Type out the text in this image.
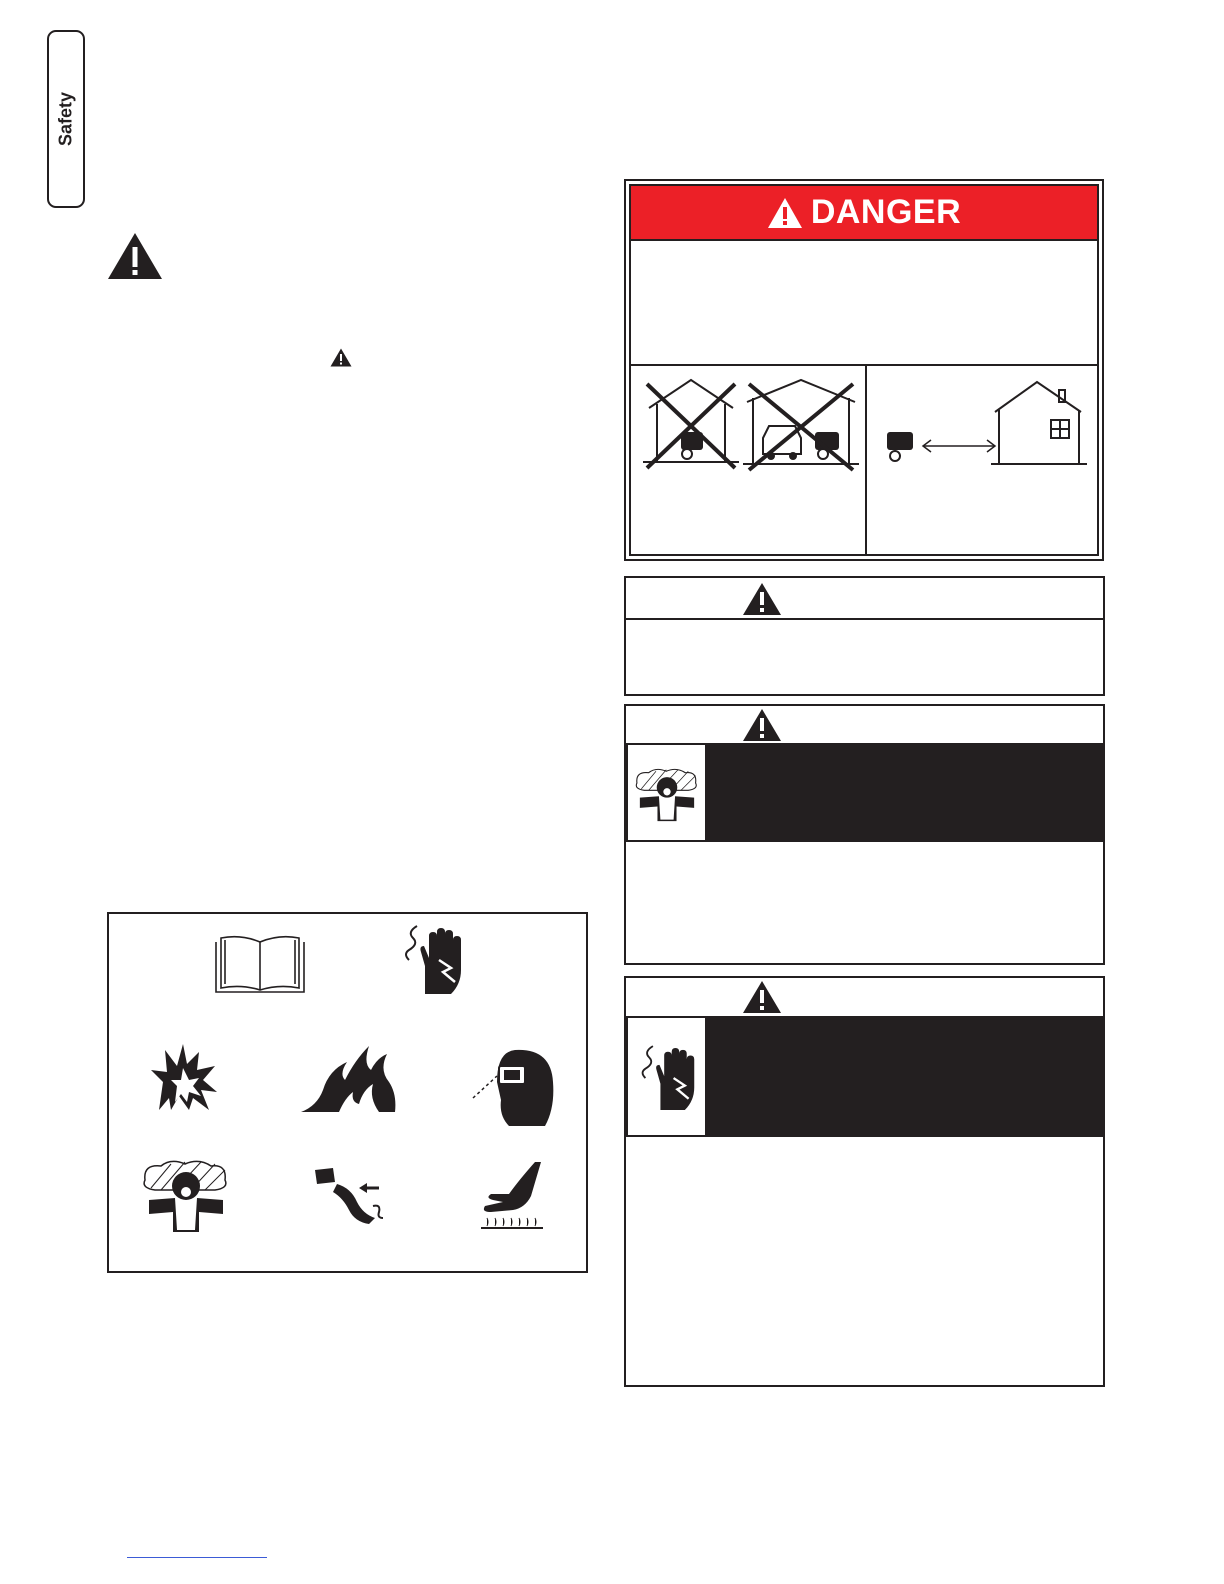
Safety
DANGER
